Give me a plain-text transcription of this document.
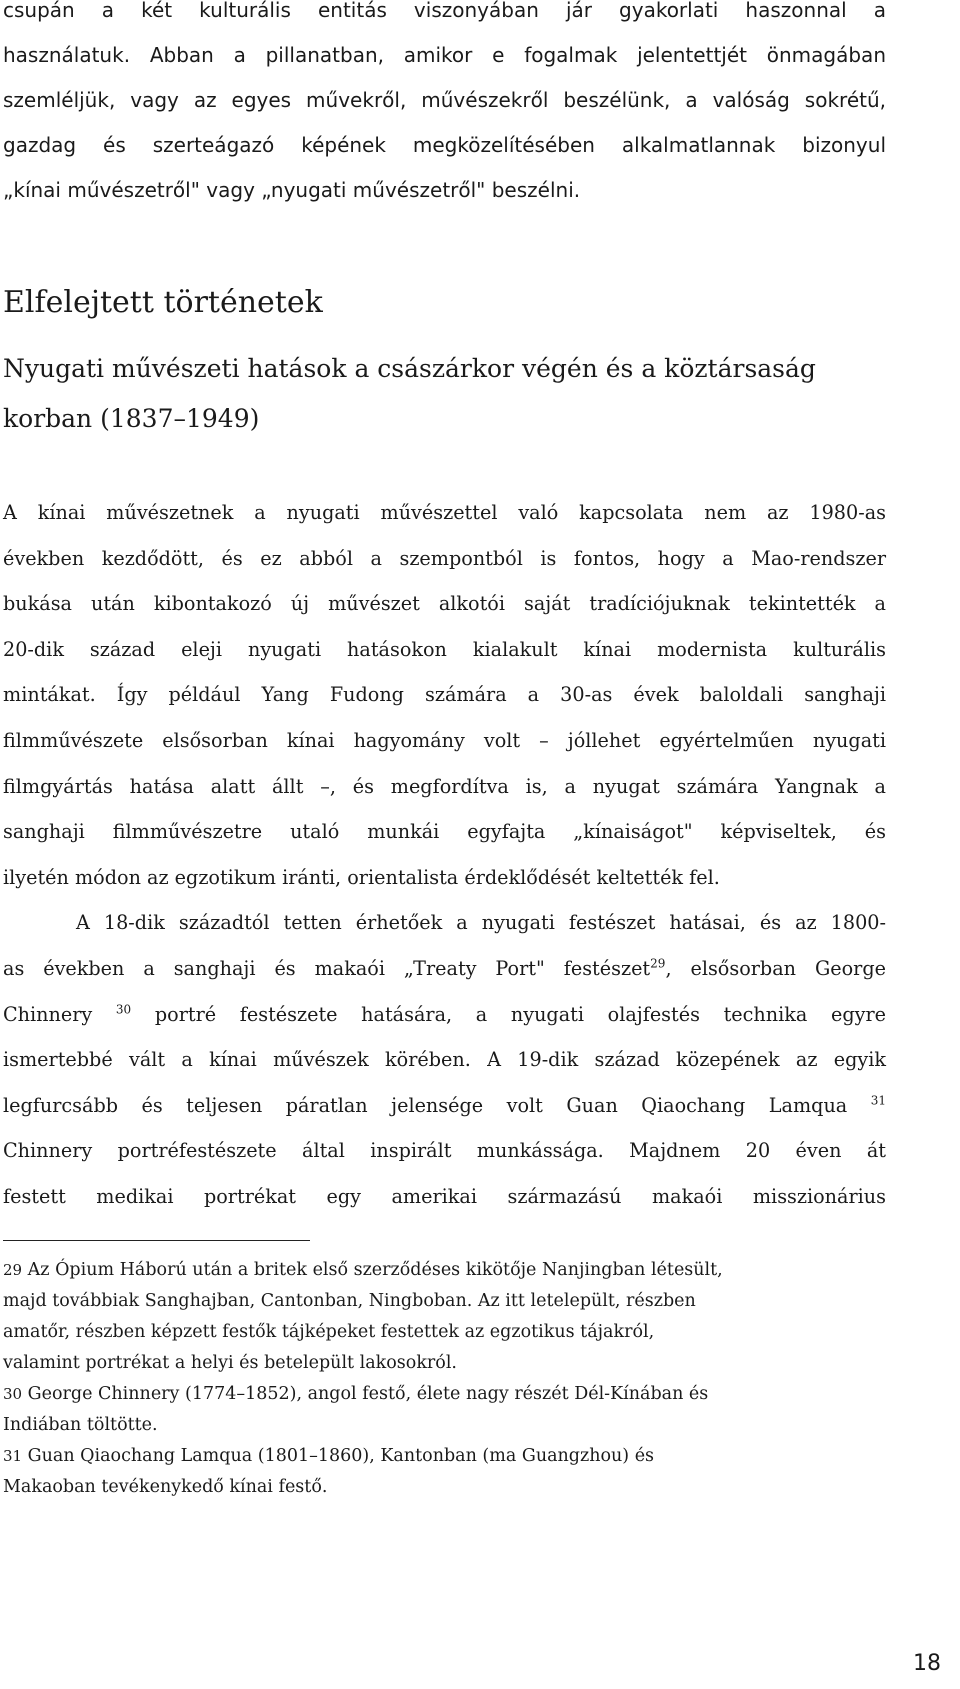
csupán a két kulturális entitás viszonyában jár gyakorlati haszonnal a
használatuk. Abban a pillanatban, amikor e fogalmak jelentettjét önmagában
szemléljük, vagy az egyes művekről, művészekről beszélünk, a valóság sokrétű,
gazdag és szerteágazó képének megközelítésében alkalmatlannak bizonyul
„kínai művészetről" vagy „nyugati művészetről" beszélni.
Elfelejtett történetek
Nyugati művészeti hatások a császárkor végén és a köztársaság
korban (1837–1949)
A kínai művészetnek a nyugati művészettel való kapcsolata nem az 1980-as
években kezdődött, és ez abból a szempontból is fontos, hogy a Mao-rendszer
bukása után kibontakozó új művészet alkotói saját tradíciójuknak tekintették a
20-dik század eleji nyugati hatásokon kialakult kínai modernista kulturális
mintákat. Így például Yang Fudong számára a 30-as évek baloldali sanghaji
filmművészete elsősorban kínai hagyomány volt – jóllehet egyértelműen nyugati
filmgyártás hatása alatt állt –, és megfordítva is, a nyugat számára Yangnak a
sanghaji filmművészetre utaló munkái egyfajta „kínaiságot" képviseltek, és
ilyetén módon az egzotikum iránti, orientalista érdeklődését keltették fel.
A 18-dik századtól tetten érhetőek a nyugati festészet hatásai, és az 1800-
as években a sanghaji és makaói „Treaty Port" festészet$^{29}$, elsősorban George
Chinnery $^{30}$ portré festészete hatására, a nyugati olajfestés technika egyre
ismertebbé vált a kínai művészek körében. A 19-dik század közepének az egyik
legfurcsább és teljesen páratlan jelensége volt Guan Qiaochang Lamqua $^{31}$
Chinnery portréfestészete által inspirált munkássága. Majdnem 20 éven át
festett medikai portrékat egy amerikai származású makaói misszionárius
29 Az Ópium Háború után a britek első szerződéses kikötője Nanjingban létesült,
majd továbbiak Sanghajban, Cantonban, Ningboban. Az itt letelepült, részben
amatőr, részben képzett festők tájképeket festettek az egzotikus tájakról,
valamint portrékat a helyi és betelepült lakosokról.
30 George Chinnery (1774–1852), angol festő, élete nagy részét Dél-Kínában és
Indiában töltötte.
31 Guan Qiaochang Lamqua (1801–1860), Kantonban (ma Guangzhou) és
Makaoban tevékenykedő kínai festő.
18
